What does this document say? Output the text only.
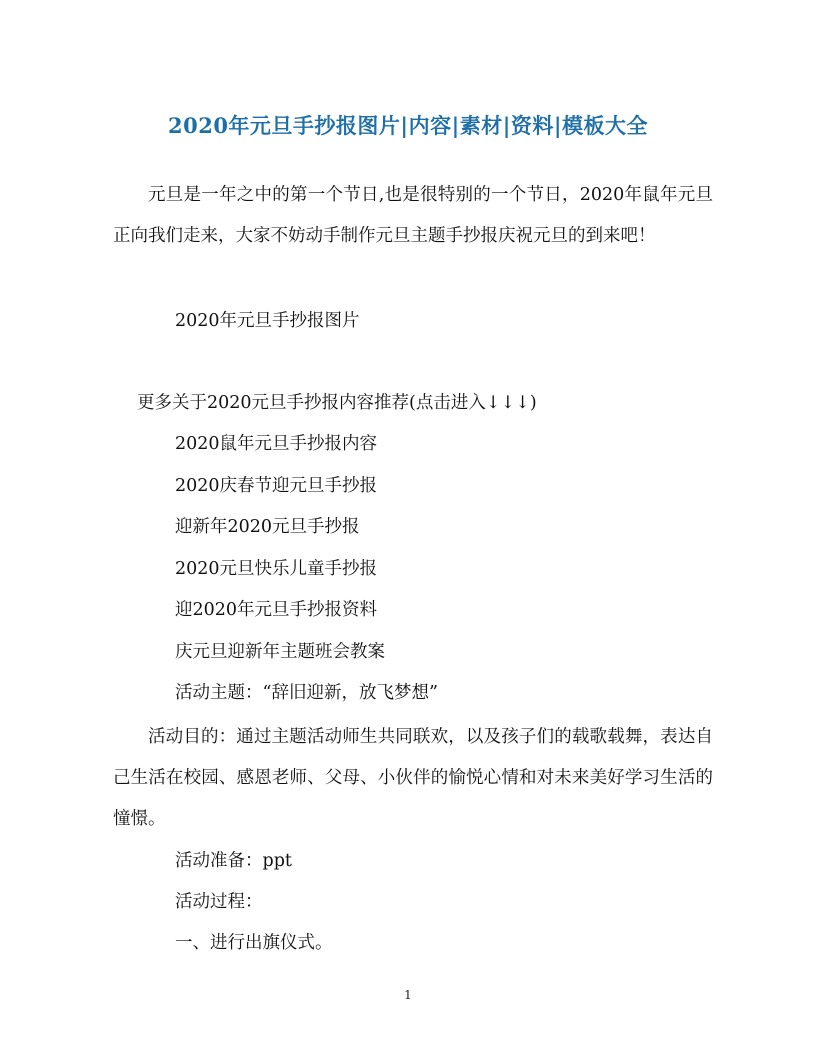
2020年元旦手抄报图片|内容|素材|资料|模板大全

元旦是一年之中的第一个节日,也是很特别的一个节日，2020年鼠年元旦正向我们走来，大家不妨动手制作元旦主题手抄报庆祝元旦的到来吧！

2020年元旦手抄报图片
更多关于2020元旦手抄报内容推荐(点击进入↓↓↓)
2020鼠年元旦手抄报内容
2020庆春节迎元旦手抄报
迎新年2020元旦手抄报
2020元旦快乐儿童手抄报
迎2020年元旦手抄报资料
庆元旦迎新年主题班会教案
活动主题：“辞旧迎新，放飞梦想”

活动目的：通过主题活动师生共同联欢，以及孩子们的载歌载舞，表达自己生活在校园、感恩老师、父母、小伙伴的愉悦心情和对未来美好学习生活的憧憬。

活动准备：ppt
活动过程：
一、进行出旗仪式。
1
